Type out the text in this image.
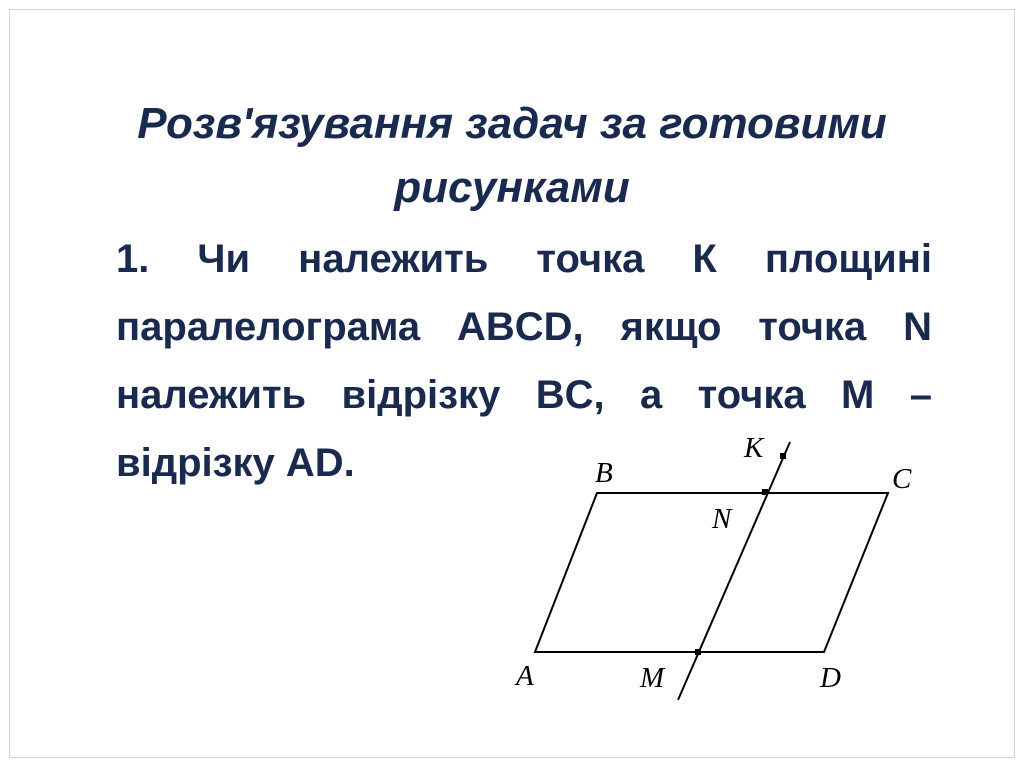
Розв'язування задач за готовими
рисунками

1. Чи належить точка К площині паралелограма ABCD, якщо точка N належить відрізку BC, а точка M – відрізку AD.

A
B	C
D
K
N
M
